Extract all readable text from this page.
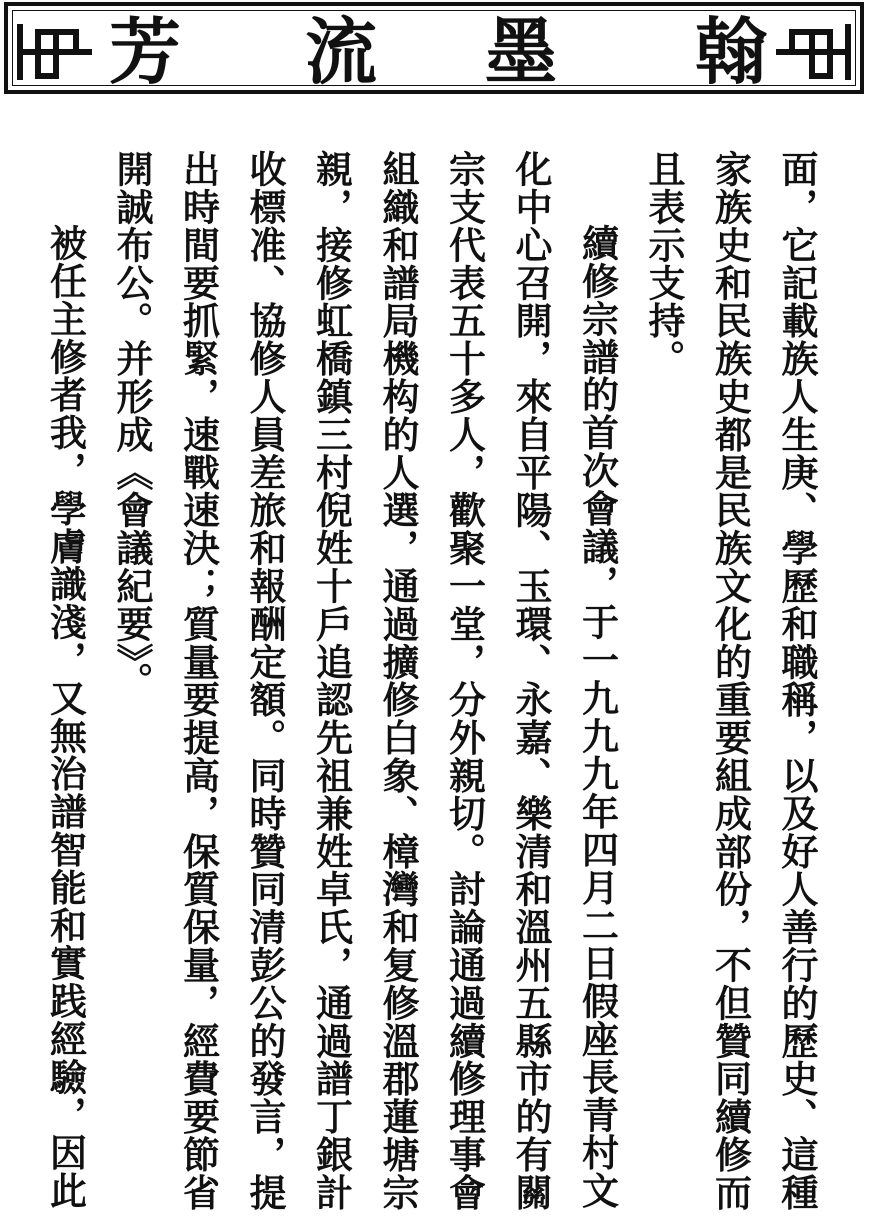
翰
墨
流
芳

面，它記載族人生庚、學歷和職稱，以及好人善行的歷史、這種

家族史和民族史都是民族文化的重要組成部份，不但贊同續修而

且表示支持。

續修宗譜的首次會議，于一九九九年四月二日假座長青村文

化中心召開，來自平陽、玉環、永嘉、樂清和溫州五縣市的有關

宗支代表五十多人，歡聚一堂，分外親切。討論通過續修理事會

組織和譜局機构的人選，通過擴修白象、樟灣和复修溫郡蓮塘宗

親，接修虹橋鎮三村倪姓十戶追認先祖兼姓卓氏，通過譜丁銀計

收標准、協修人員差旅和報酬定額。同時贊同清彭公的發言，提

出時間要抓緊，速戰速決；質量要提高，保質保量，經費要節省

開誠布公。并形成《會議紀要》。

被任主修者我，學膚識淺，又無治譜智能和實践經驗，因此
